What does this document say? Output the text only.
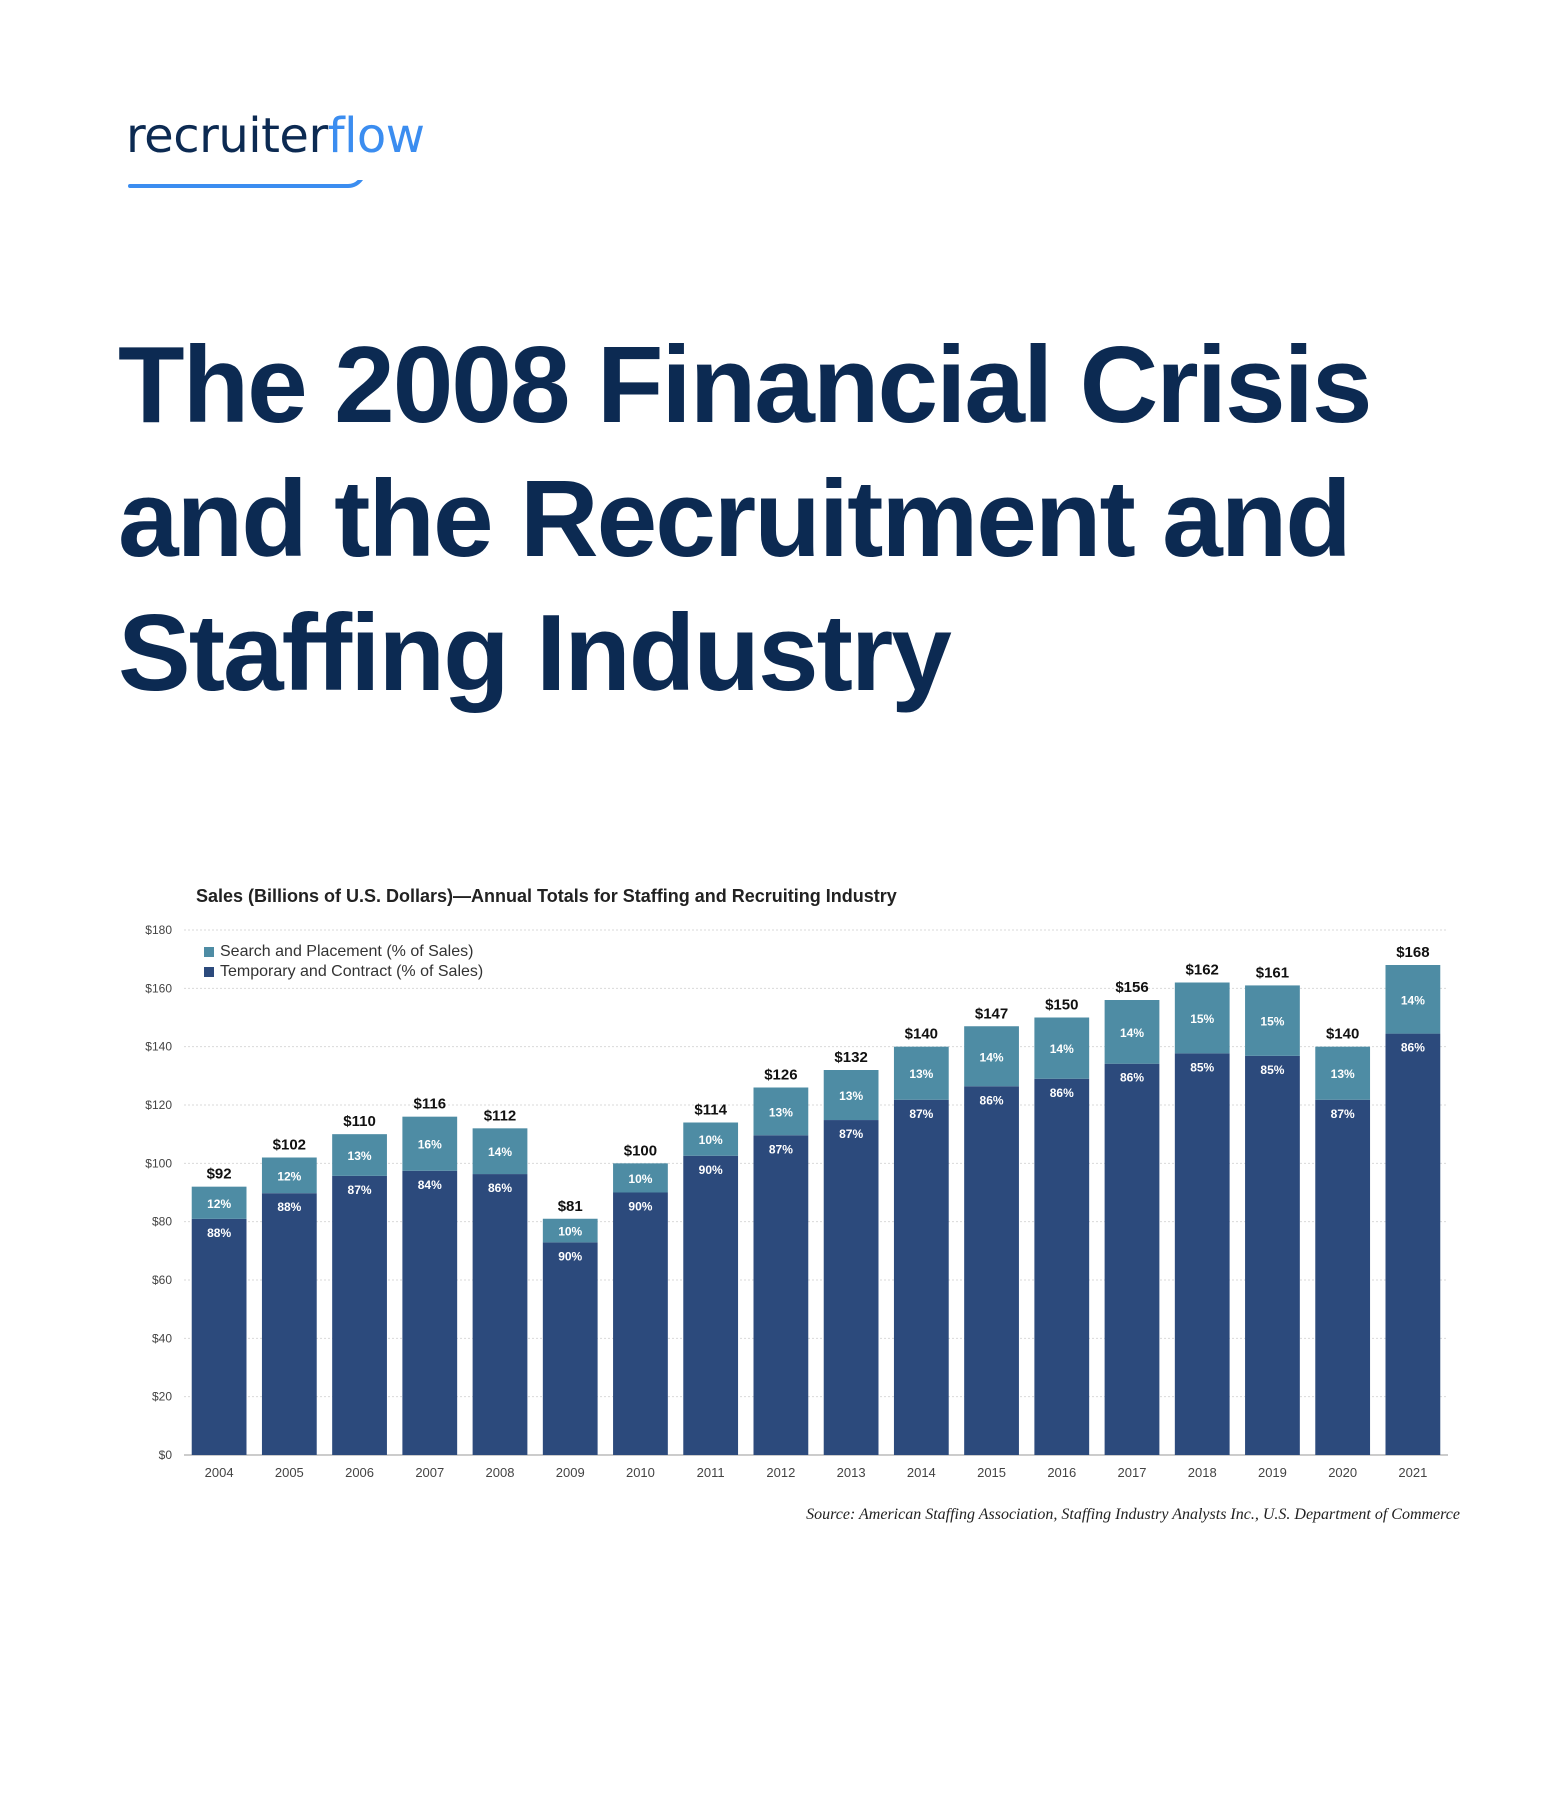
recruiterflow
The 2008 Financial Crisis and the Recruitment and Staffing Industry
Sales (Billions of U.S. Dollars)—Annual Totals for Staffing and Recruiting Industry
$0
$20
$40
$60
$80
$100
$120
$140
$160
$180
$92
12%
88%
2004
$102
12%
88%
2005
$110
13%
87%
2006
$116
16%
84%
2007
$112
14%
86%
2008
$81
10%
90%
2009
$100
10%
90%
2010
$114
10%
90%
2011
$126
13%
87%
2012
$132
13%
87%
2013
$140
13%
87%
2014
$147
14%
86%
2015
$150
14%
86%
2016
$156
14%
86%
2017
$162
15%
85%
2018
$161
15%
85%
2019
$140
13%
87%
2020
$168
14%
86%
2021
Search and Placement (% of Sales)
Temporary and Contract (% of Sales)
Source: American Staffing Association, Staffing Industry Analysts Inc., U.S. Department of Commerce
